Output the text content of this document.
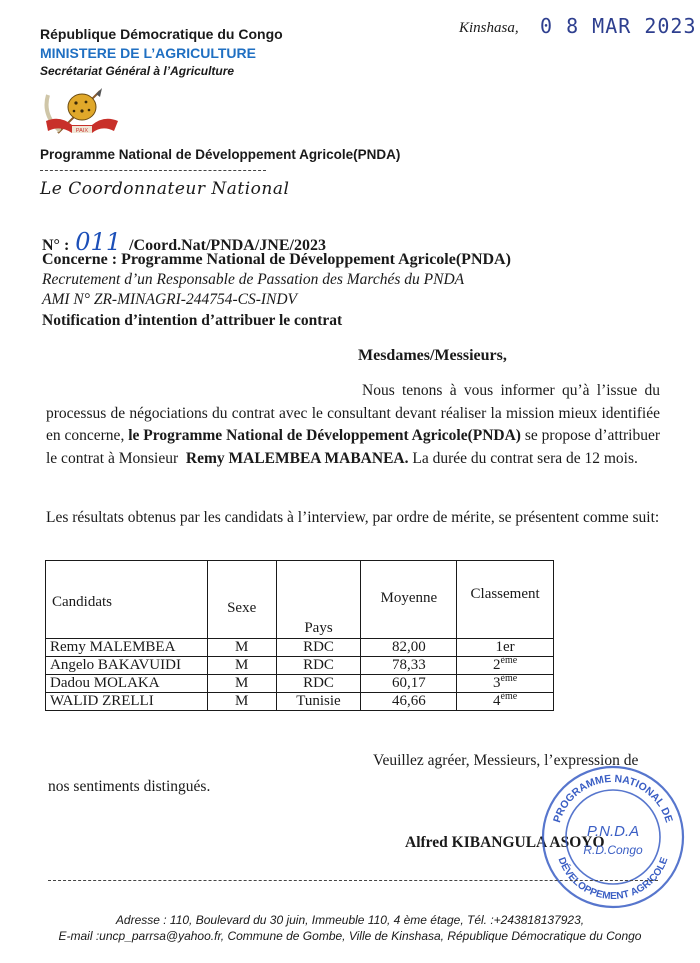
République Démocratique du Congo
MINISTERE DE L’AGRICULTURE
Secrétariat Général à l’Agriculture
PAIX
Programme National de Développement Agricole(PNDA)
Le Coordonnateur National
Kinshasa, 0 8 MAR 2023
N° : 011 /Coord.Nat/PNDA/JNE/2023
Concerne : Programme National de Développement Agricole(PNDA)
Recrutement d’un Responsable de Passation des Marchés du PNDA
AMI N° ZR-MINAGRI-244754-CS-INDV
Notification d’intention d’attribuer le contrat
Mesdames/Messieurs,
Nous tenons à vous informer qu’à l’issue du processus de négociations du contrat avec le consultant devant réaliser la mission mieux identifiée en concerne, le Programme National de Développement Agricole(PNDA) se propose d’attribuer le contrat à Monsieur Remy MALEMBEA MABANEA. La durée du contrat sera de 12 mois.
Les résultats obtenus par les candidats à l’interview, par ordre de mérite, se présentent comme suit:
Candidats	Sexe	Pays	Moyenne	Classement

Remy MALEMBEA	M	RDC	82,00	1er
Angelo BAKAVUIDI	M	RDC	78,33	2ème
Dadou MOLAKA	M	RDC	60,17	3ème
WALID ZRELLI	M	Tunisie	46,66	4ème
Veuillez agréer, Messieurs, l’expression de
nos sentiments distingués.
Alfred KIBANGULA ASOYO
PROGRAMME NATIONAL DE
DÉVELOPPEMENT AGRICOLE
P.N.D.A
R.D.Congo
Adresse : 110, Boulevard du 30 juin, Immeuble 110, 4 ème étage, Tél. :+243818137923,
E-mail :uncp_parrsa@yahoo.fr, Commune de Gombe, Ville de Kinshasa, République Démocratique du Congo
